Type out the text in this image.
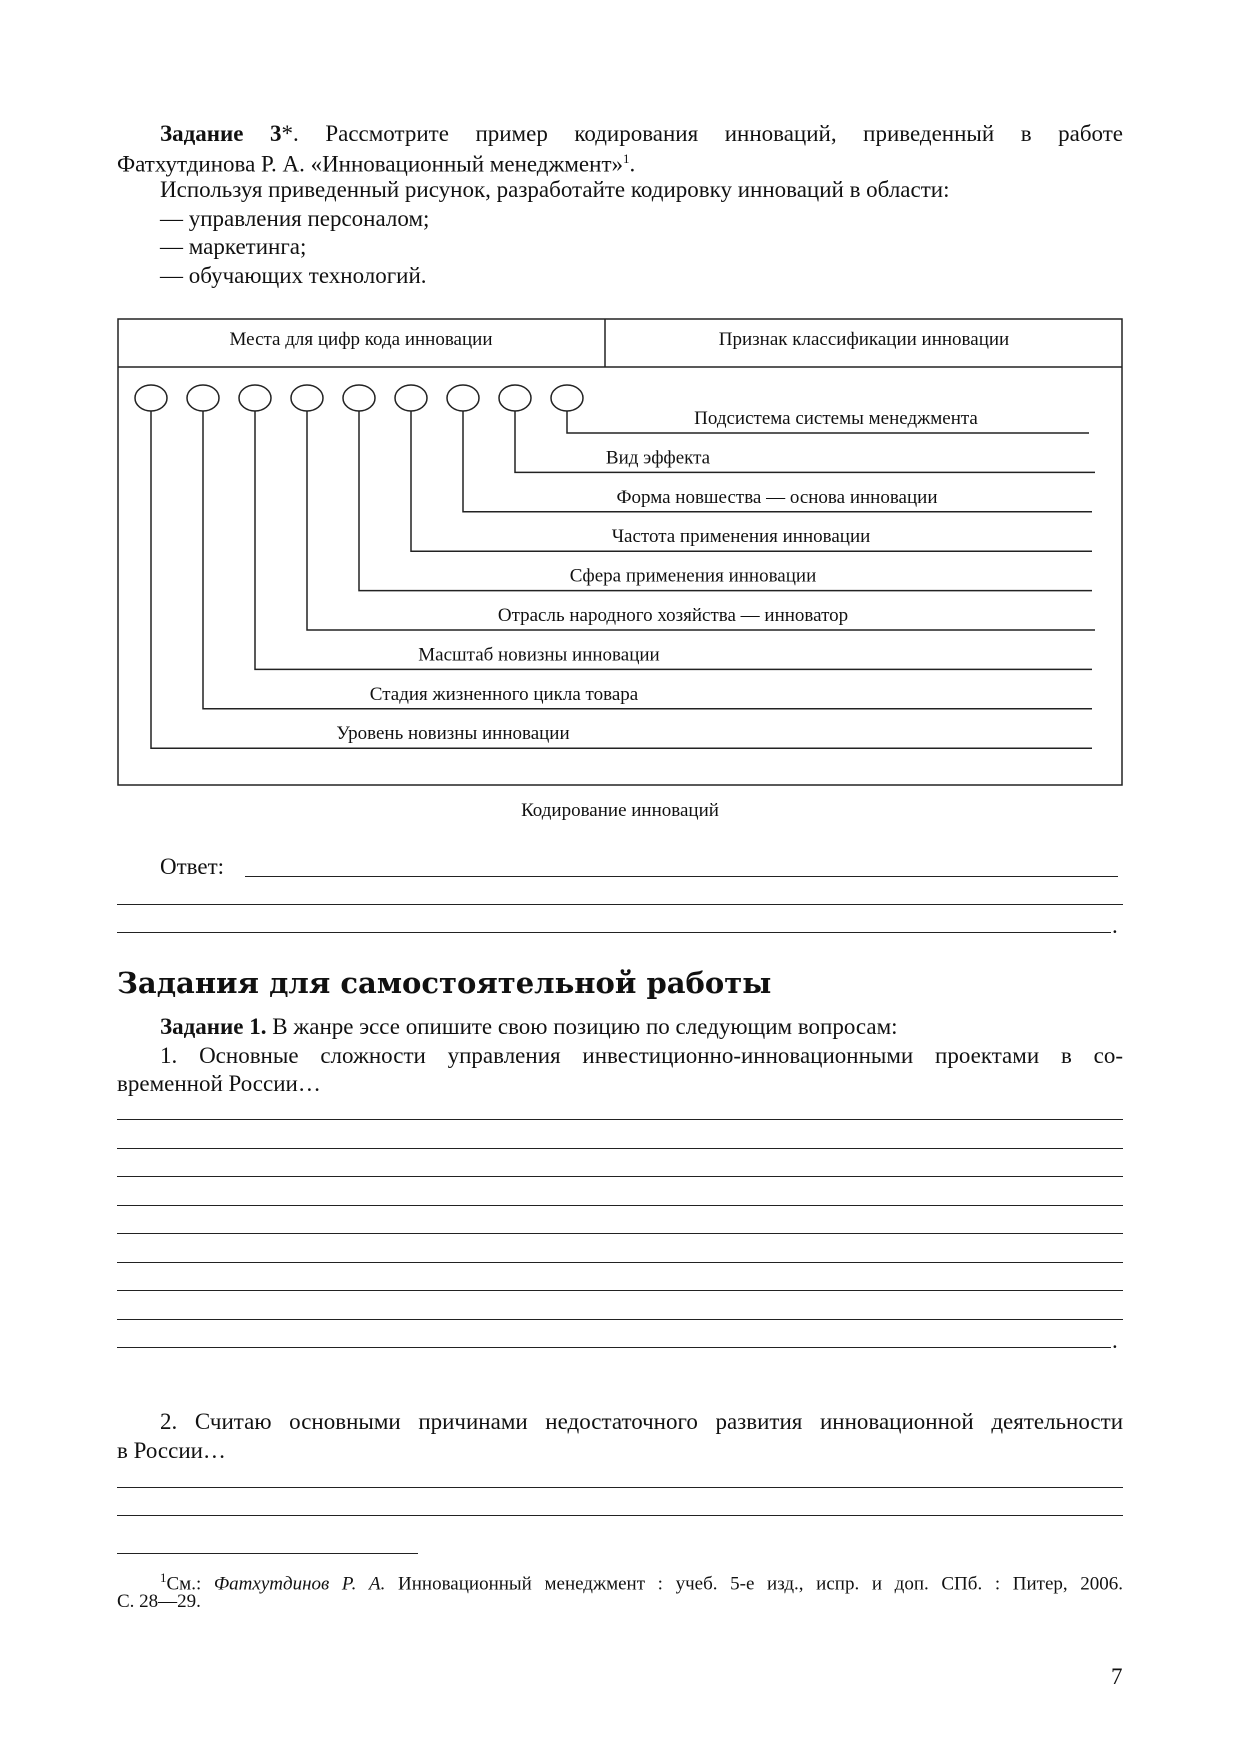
Задание 3*. Рассмотрите пример кодирования инноваций, приведенный в работе
Фатхутдинова Р. А. «Инновационный менеджмент»$^1$.
Используя приведенный рисунок, разработайте кодировку инноваций в области:
— управления персоналом;
— маркетинга;
— обучающих технологий.
Места для цифр кода инновации	Признак классификации инновации
Уровень новизны инновации
Стадия жизненного цикла товара
Масштаб новизны инновации
Отрасль народного хозяйства — инноватор
Сфера применения инновации
Частота применения инновации
Форма новшества — основа инновации
Вид эффекта
Подсистема системы менеджмента
Кодирование инноваций
Ответ:
.
Задания для самостоятельной работы
Задание 1. В жанре эссе опишите свою позицию по следующим вопросам:
1. Основные сложности управления инвестиционно-инновационными проектами в со-
временной России…
.
2. Считаю основными причинами недостаточного развития инновационной деятельности
в России…
$^1$См.: Фатхутдинов Р. А. Инновационный менеджмент : учеб. 5-е изд., испр. и доп. СПб. : Питер, 2006.
С. 28—29.
7
